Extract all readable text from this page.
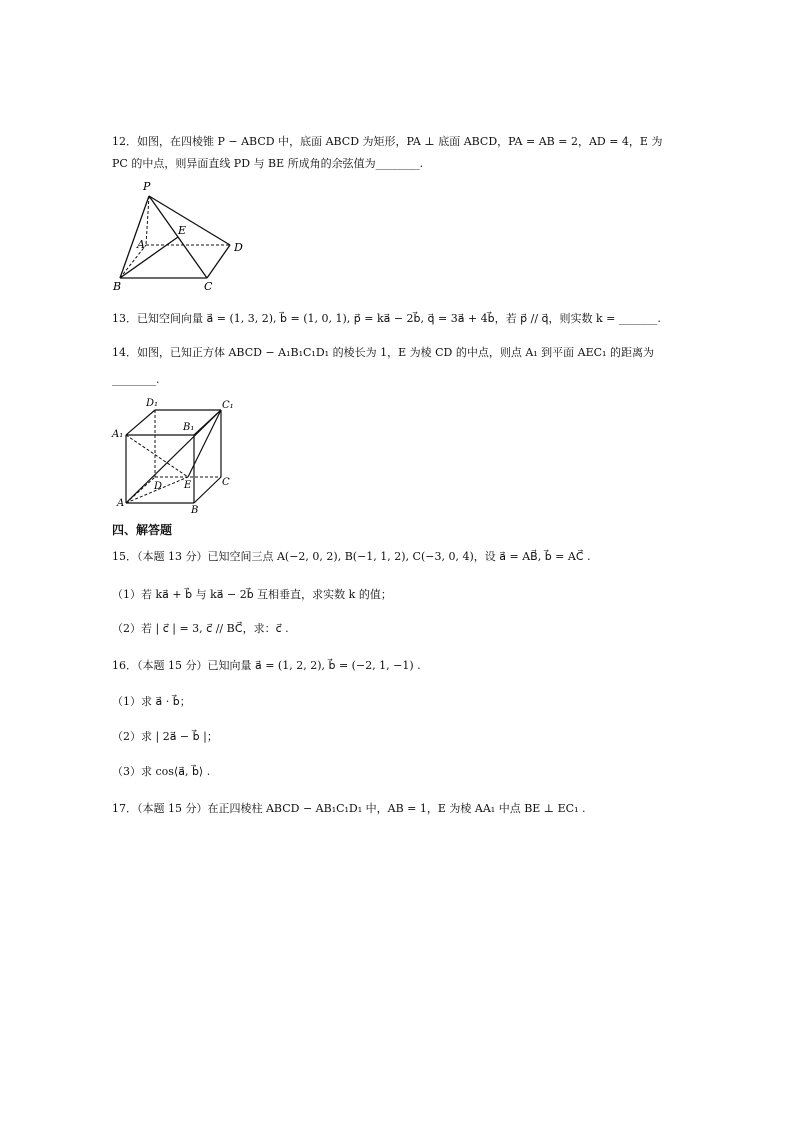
12．如图，在四棱锥 P − ABCD 中，底面 ABCD 为矩形，PA ⊥ 底面 ABCD，PA = AB = 2，AD = 4，E 为
PC 的中点，则异面直线 PD 与 BE 所成角的余弦值为________.
P
A
E
D
B	C
13．已知空间向量 a⃗ = (1, 3, 2), b⃗ = (1, 0, 1), p⃗ = ka⃗ − 2b⃗, q⃗ = 3a⃗ + 4b⃗，若 p⃗ // q⃗，则实数 k = _______.
14．如图，已知正方体 ABCD − A₁B₁C₁D₁ 的棱长为 1，E 为棱 CD 的中点，则点 A₁ 到平面 AEC₁ 的距离为
________.
D₁	C₁
A₁
B₁
D E	C
A
B
四、解答题
15．（本题 13 分）已知空间三点 A(−2, 0, 2), B(−1, 1, 2), C(−3, 0, 4)，设 a⃗ = AB⃗, b⃗ = AC⃗ .
（1）若 ka⃗ + b⃗ 与 ka⃗ − 2b⃗ 互相垂直，求实数 k 的值；
（2）若 | c⃗ | = 3, c⃗ // BC⃗，求：c⃗ .
16．（本题 15 分）已知向量 a⃗ = (1, 2, 2), b⃗ = (−2, 1, −1) .
（1）求 a⃗ · b⃗；
（2）求 | 2a⃗ − b⃗ |；
（3）求 cos⟨a⃗, b⃗⟩ .
17．（本题 15 分）在正四棱柱 ABCD − AB₁C₁D₁ 中，AB = 1，E 为棱 AA₁ 中点 BE ⊥ EC₁ .
